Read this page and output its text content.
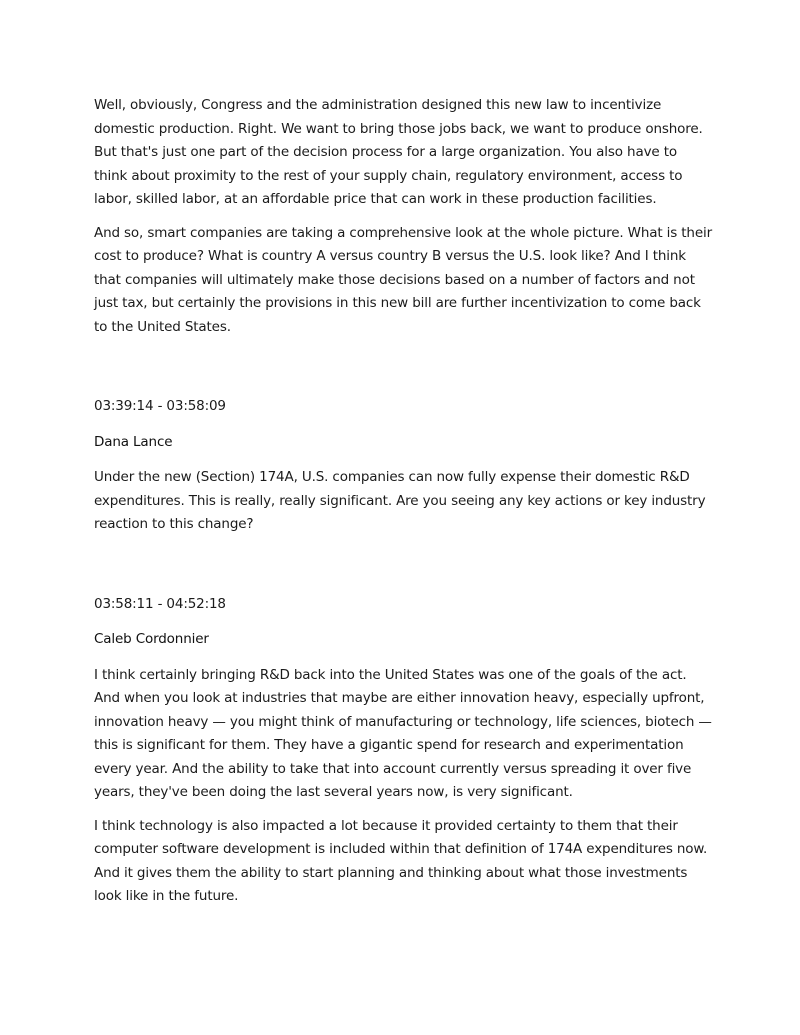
Well, obviously, Congress and the administration designed this new law to incentivize domestic production. Right. We want to bring those jobs back, we want to produce onshore. But that's just one part of the decision process for a large organization. You also have to think about proximity to the rest of your supply chain, regulatory environment, access to labor, skilled labor, at an affordable price that can work in these production facilities.

And so, smart companies are taking a comprehensive look at the whole picture. What is their cost to produce? What is country A versus country B versus the U.S. look like? And I think that companies will ultimately make those decisions based on a number of factors and not just tax, but certainly the provisions in this new bill are further incentivization to come back to the United States.

03:39:14 - 03:58:09

Dana Lance

Under the new (Section) 174A, U.S. companies can now fully expense their domestic R&D expenditures. This is really, really significant. Are you seeing any key actions or key industry reaction to this change?

03:58:11 - 04:52:18

Caleb Cordonnier

I think certainly bringing R&D back into the United States was one of the goals of the act. And when you look at industries that maybe are either innovation heavy, especially upfront, innovation heavy — you might think of manufacturing or technology, life sciences, biotech — this is significant for them. They have a gigantic spend for research and experimentation every year. And the ability to take that into account currently versus spreading it over five years, they've been doing the last several years now, is very significant.

I think technology is also impacted a lot because it provided certainty to them that their computer software development is included within that definition of 174A expenditures now. And it gives them the ability to start planning and thinking about what those investments look like in the future.
